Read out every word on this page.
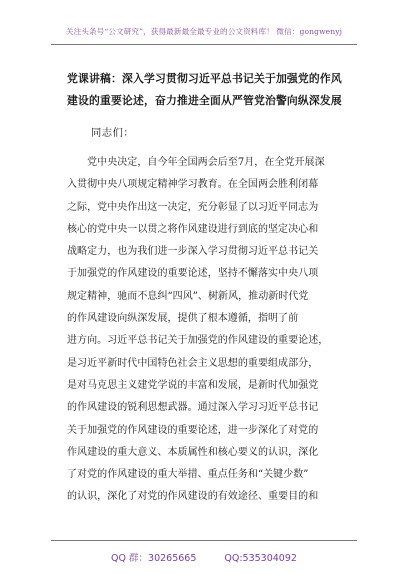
关注头条号“公文研究”，获得最新最全最专业的公文资料库！ 微信：gongwenyj
党课讲稿：深入学习贯彻习近平总书记关于加强党的作风
建设的重要论述，奋力推进全面从严管党治警向纵深发展
同志们：
　　党中央决定，自今年全国两会后至7月，在全党开展深
入贯彻中央八项规定精神学习教育。在全国两会胜利闭幕
之际，党中央作出这一决定，充分彰显了以习近平同志为
核心的党中央一以贯之将作风建设进行到底的坚定决心和
战略定力，也为我们进一步深入学习贯彻习近平总书记关
于加强党的作风建设的重要论述，坚持不懈落实中央八项
规定精神，驰而不息纠“四风”、树新风，推动新时代党
的作风建设向纵深发展，提供了根本遵循，指明了前
进方向。习近平总书记关于加强党的作风建设的重要论述，
是习近平新时代中国特色社会主义思想的重要组成部分，
是对马克思主义建党学说的丰富和发展，是新时代加强党
的作风建设的锐利思想武器。通过深入学习习近平总书记
关于加强党的作风建设的重要论述，进一步深化了对党的
作风建设的重大意义、本质属性和核心要义的认识，深化
了对党的作风建设的重大举措、重点任务和“关键少数”
的认识，深化了对党的作风建设的有效途径、重要目的和
QQ 群：30265665	QQ:535304092
